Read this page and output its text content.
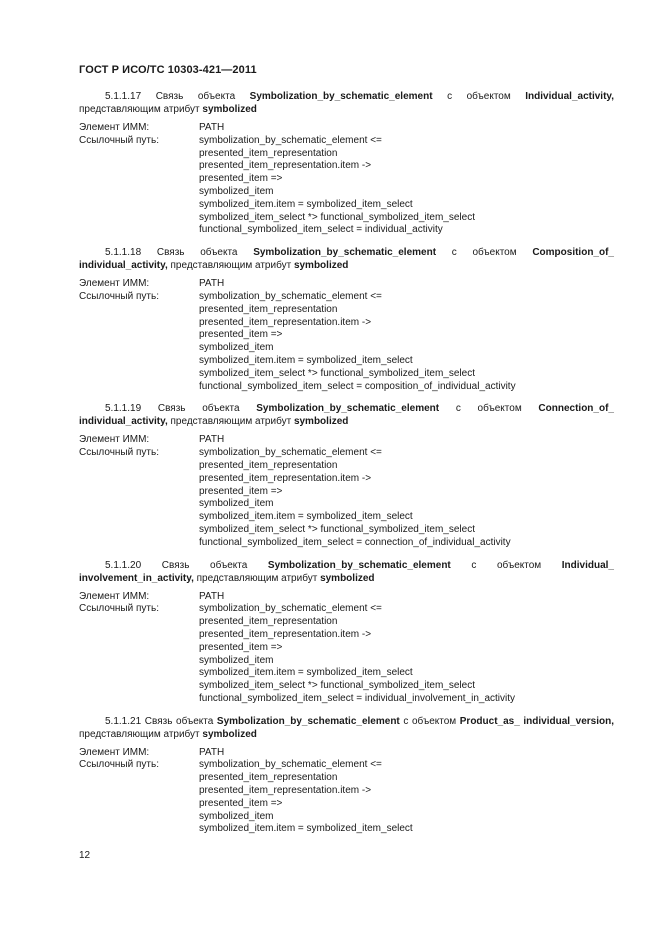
ГОСТ Р ИСО/ТС 10303-421—2011
5.1.1.17 Связь объекта Symbolization_by_schematic_element с объектом Individual_activity, представляющим атрибут symbolized
Элемент ИММ:	PATH
Ссылочный путь:	symbolization_by_schematic_element <=
presented_item_representation
presented_item_representation.item ->
presented_item =>
symbolized_item
symbolized_item.item = symbolized_item_select
symbolized_item_select *> functional_symbolized_item_select
functional_symbolized_item_select = individual_activity
5.1.1.18 Связь объекта Symbolization_by_schematic_element с объектом Composition_of_ individual_activity, представляющим атрибут symbolized
Элемент ИММ:	PATH
Ссылочный путь:	symbolization_by_schematic_element <=
presented_item_representation
presented_item_representation.item ->
presented_item =>
symbolized_item
symbolized_item.item = symbolized_item_select
symbolized_item_select *> functional_symbolized_item_select
functional_symbolized_item_select = composition_of_individual_activity
5.1.1.19 Связь объекта Symbolization_by_schematic_element с объектом Connection_of_ individual_activity, представляющим атрибут symbolized
Элемент ИММ:	PATH
Ссылочный путь:	symbolization_by_schematic_element <=
presented_item_representation
presented_item_representation.item ->
presented_item =>
symbolized_item
symbolized_item.item = symbolized_item_select
symbolized_item_select *> functional_symbolized_item_select
functional_symbolized_item_select = connection_of_individual_activity
5.1.1.20 Связь объекта Symbolization_by_schematic_element с объектом Individual_ involvement_in_activity, представляющим атрибут symbolized
Элемент ИММ:	PATH
Ссылочный путь:	symbolization_by_schematic_element <=
presented_item_representation
presented_item_representation.item ->
presented_item =>
symbolized_item
symbolized_item.item = symbolized_item_select
symbolized_item_select *> functional_symbolized_item_select
functional_symbolized_item_select = individual_involvement_in_activity
5.1.1.21 Связь объекта Symbolization_by_schematic_element с объектом Product_as_ individual_version, представляющим атрибут symbolized
Элемент ИММ:	PATH
Ссылочный путь:	symbolization_by_schematic_element <=
presented_item_representation
presented_item_representation.item ->
presented_item =>
symbolized_item
symbolized_item.item = symbolized_item_select
12
